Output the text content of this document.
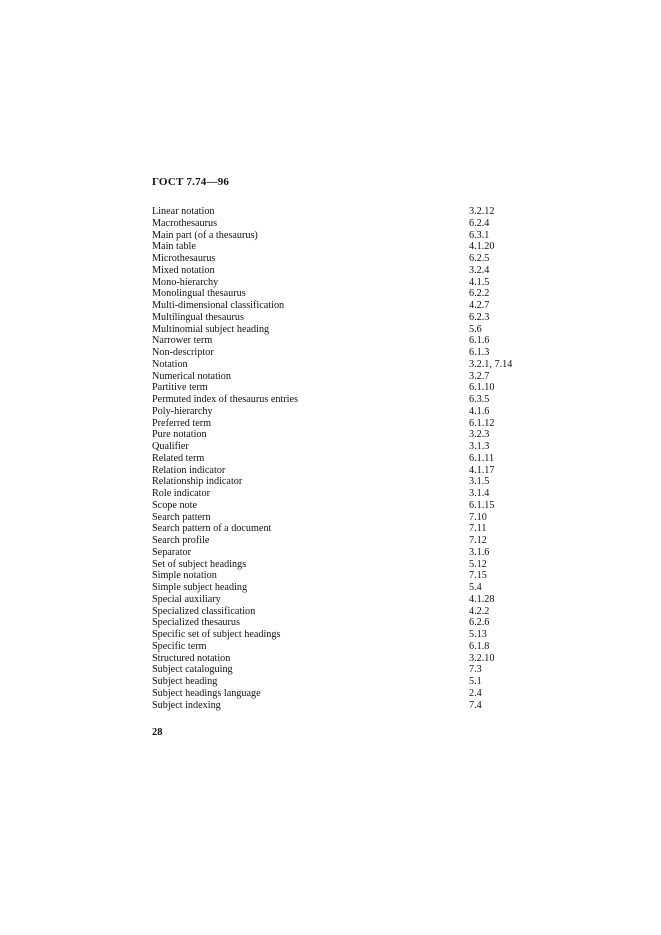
ГОСТ 7.74—96
Linear notation	3.2.12
Macrothesaurus	6.2.4
Main part (of a thesaurus)	6.3.1
Main table	4.1.20
Microthesaurus	6.2.5
Mixed notation	3.2.4
Mono-hierarchy	4.1.5
Monolingual thesaurus	6.2.2
Multi-dimensional classification	4.2.7
Multilingual thesaurus	6.2.3
Multinomial subject heading	5.6
Narrower term	6.1.6
Non-descriptor	6.1.3
Notation	3.2.1, 7.14
Numerical notation	3.2.7
Partitive term	6.1.10
Permuted index of thesaurus entries	6.3.5
Poly-hierarchy	4.1.6
Preferred term	6.1.12
Pure notation	3.2.3
Qualifier	3.1.3
Related term	6.1.11
Relation indicator	4.1.17
Relationship indicator	3.1.5
Role indicator	3.1.4
Scope note	6.1.15
Search pattern	7.10
Search pattern of a document	7.11
Search profile	7.12
Separator	3.1.6
Set of subject headings	5.12
Simple notation	7.15
Simple subject heading	5.4
Special auxiliary	4.1.28
Specialized classification	4.2.2
Specialized thesaurus	6.2.6
Specific set of subject headings	5.13
Specific term	6.1.8
Structured notation	3.2.10
Subject cataloguing	7.3
Subject heading	5.1
Subject headings language	2.4
Subject indexing	7.4

28
